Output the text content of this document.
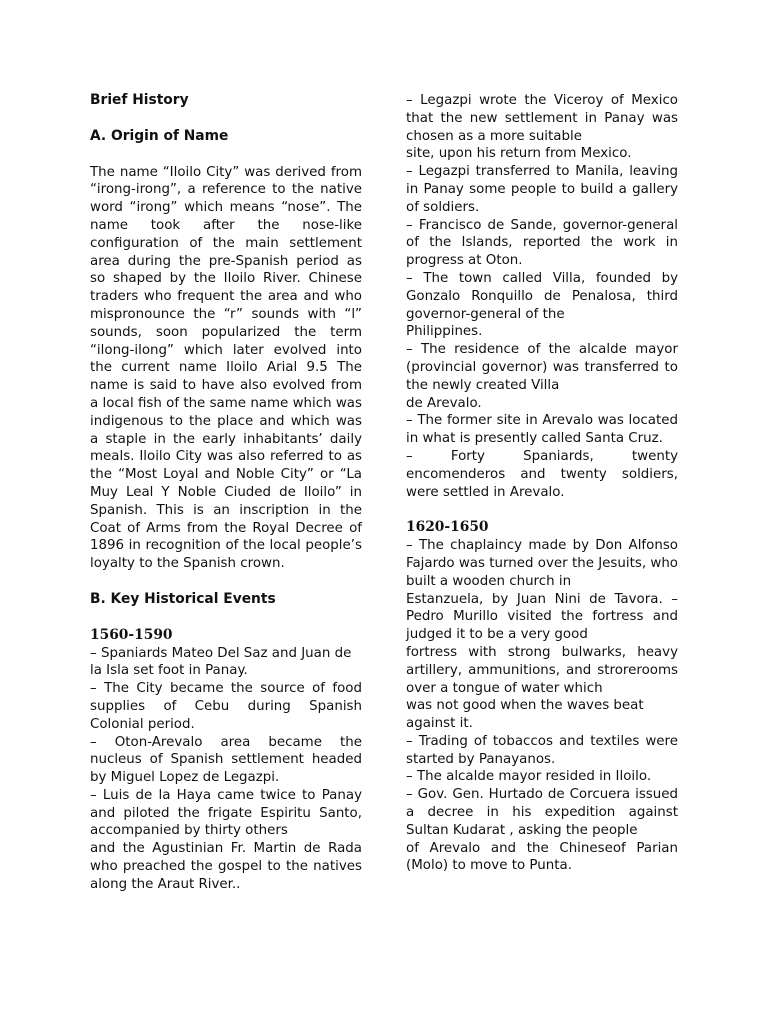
Brief History
A. Origin of Name
The name “Iloilo City” was derived from “irong-irong”, a reference to the native word “irong” which means “nose”. The name took after the nose-like configuration of the main settlement area during the pre-Spanish period as so shaped by the Iloilo River. Chinese traders who frequent the area and who mispronounce the “r” sounds with “l” sounds, soon popularized the term “ilong-ilong” which later evolved into the current name Iloilo Arial 9.5 The name is said to have also evolved from a local fish of the same name which was indigenous to the place and which was a staple in the early inhabitants’ daily meals. Iloilo City was also referred to as the “Most Loyal and Noble City” or “La Muy Leal Y Noble Ciuded de Iloilo” in Spanish. This is an inscription in the Coat of Arms from the Royal Decree of 1896 in recognition of the local people’s loyalty to the Spanish crown.
B. Key Historical Events
1560-1590
– Spaniards Mateo Del Saz and Juan de la Isla set foot in Panay.
– The City became the source of food supplies of Cebu during Spanish Colonial period.
– Oton-Arevalo area became the nucleus of Spanish settlement headed by Miguel Lopez de Legazpi.
– Luis de la Haya came twice to Panay and piloted the frigate Espiritu Santo, accompanied by thirty others
and the Agustinian Fr. Martin de Rada who preached the gospel to the natives along the Araut River..
– Legazpi wrote the Viceroy of Mexico that the new settlement in Panay was chosen as a more suitable
site, upon his return from Mexico.
– Legazpi transferred to Manila, leaving in Panay some people to build a gallery of soldiers.
– Francisco de Sande, governor-general of the Islands, reported the work in progress at Oton.
– The town called Villa, founded by Gonzalo Ronquillo de Penalosa, third governor-general of the
Philippines.
– The residence of the alcalde mayor (provincial governor) was transferred to the newly created Villa
de Arevalo.
– The former site in Arevalo was located in what is presently called Santa Cruz.
– Forty Spaniards, twenty encomenderos and twenty soldiers, were settled in Arevalo.
1620-1650
– The chaplaincy made by Don Alfonso Fajardo was turned over the Jesuits, who built a wooden church in
Estanzuela, by Juan Nini de Tavora. – Pedro Murillo visited the fortress and judged it to be a very good
fortress with strong bulwarks, heavy artillery, ammunitions, and strorerooms over a tongue of water which
was not good when the waves beat against it.
– Trading of tobaccos and textiles were started by Panayanos.
– The alcalde mayor resided in Iloilo.
– Gov. Gen. Hurtado de Corcuera issued a decree in his expedition against Sultan Kudarat , asking the people
of Arevalo and the Chineseof Parian (Molo) to move to Punta.
